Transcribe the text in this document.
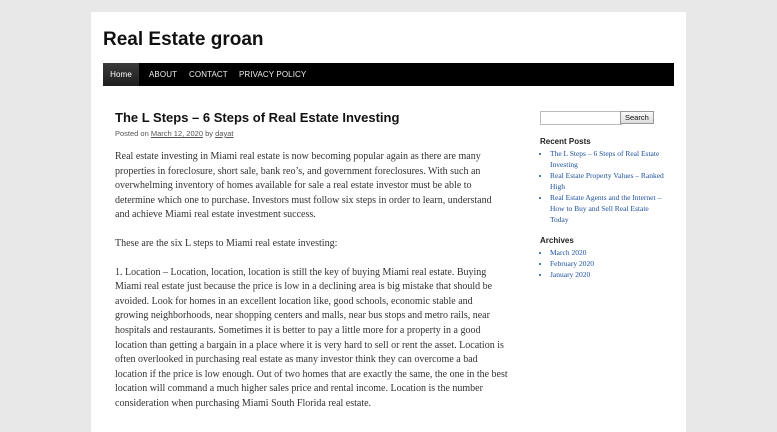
Real Estate groan
Home	ABOUT CONTACT PRIVACY POLICY
The L Steps – 6 Steps of Real Estate Investing
Posted on March 12, 2020 by dayat

Real estate investing in Miami real estate is now becoming popular again as there are many properties in foreclosure, short sale, bank reo’s, and government foreclosures. With such an overwhelming inventory of homes available for sale a real estate investor must be able to determine which one to purchase. Investors must follow six steps in order to learn, understand and achieve Miami real estate investment success.

These are the six L steps to Miami real estate investing:

1. Location – Location, location, location is still the key of buying Miami real estate. Buying Miami real estate just because the price is low in a declining area is big mistake that should be avoided. Look for homes in an excellent location like, good schools, economic stable and growing neighborhoods, near shopping centers and malls, near bus stops and metro rails, near hospitals and restaurants. Sometimes it is better to pay a little more for a property in a good location than getting a bargain in a place where it is very hard to sell or rent the asset. Location is often overlooked in purchasing real estate as many investor think they can overcome a bad location if the price is low enough. Out of two homes that are exactly the same, the one in the best location will command a much higher sales price and rental income. Location is the number consideration when purchasing Miami South Florida real estate.

Search
Recent Posts
• The L Steps – 6 Steps of Real Estate Investing
• Real Estate Property Values – Ranked High
• Real Estate Agents and the Internet – How to Buy and Sell Real Estate Today
Archives
• March 2020
• February 2020
• January 2020
